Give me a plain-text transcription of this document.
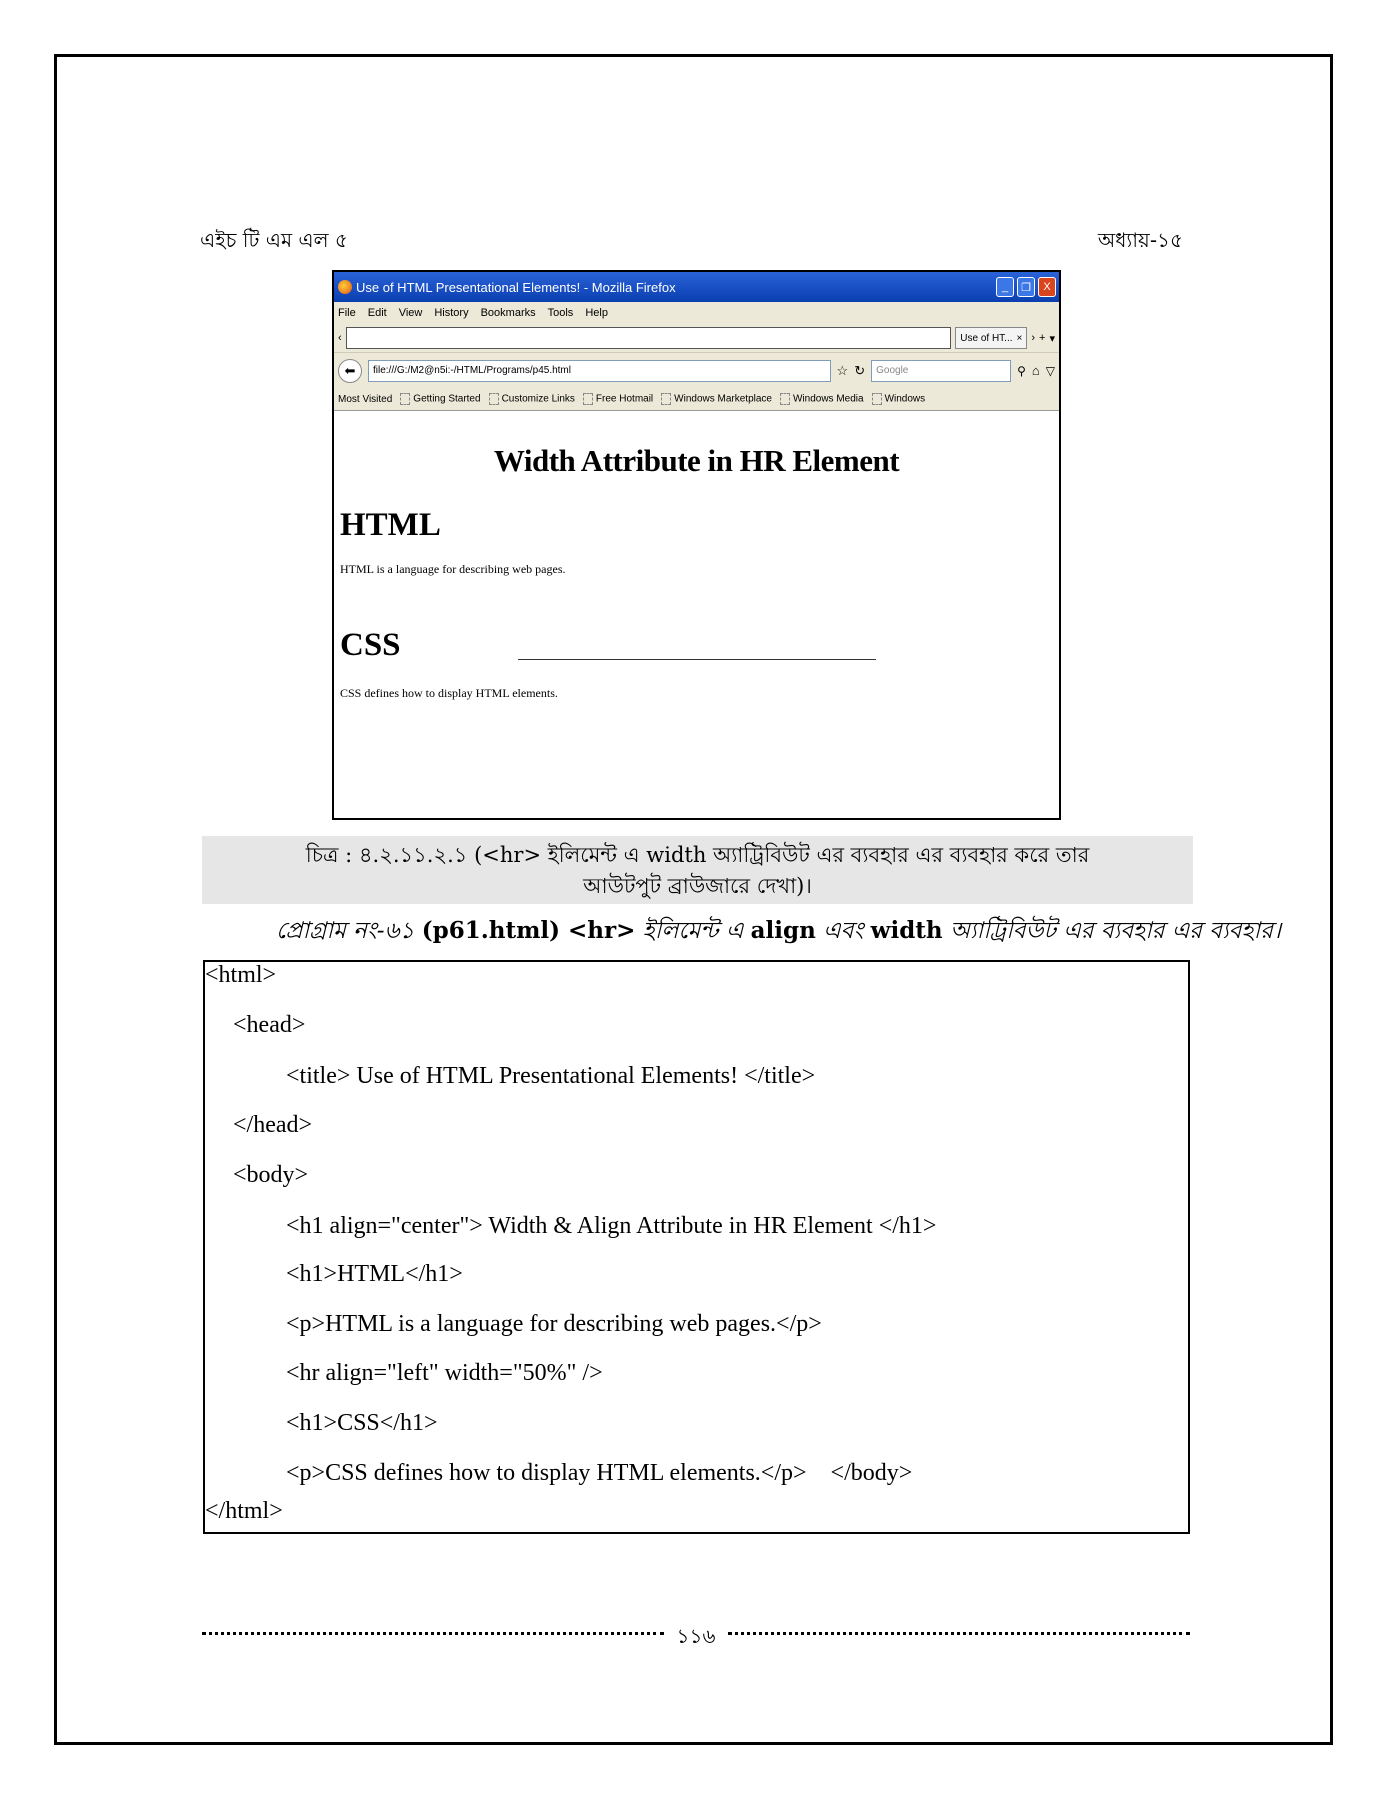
এইচ টি এম এল ৫	অধ্যায়-১৫
Use of HTML Presentational Elements! - Mozilla Firefox	_	❐	X
File Edit View History Bookmarks Tools Help
‹	Use of HT... × › + ▾
⬅	file:///G:/M2@n5i:-/HTML/Programs/p45.html	☆ ↻ Google	⚲ ⌂ ▽
Most Visited	Getting Started	Customize Links	Free Hotmail	Windows Marketplace	Windows Media	Windows
Width Attribute in HR Element
HTML

HTML is a language for describing web pages.

CSS

CSS defines how to display HTML elements.

চিত্র : ৪.২.১১.২.১ (<hr> ইলিমেন্ট এ width অ্যাট্রিবিউট এর ব্যবহার এর ব্যবহার করে তার
আউটপুট ব্রাউজারে দেখা)।
প্রোগ্রাম নং-৬১ (p61.html) <hr> ইলিমেন্ট এ align এবং width অ্যাট্রিবিউট এর ব্যবহার এর ব্যবহার।
<html>
<head>
<title> Use of HTML Presentational Elements! </title>
</head>
<body>
<h1 align="center"> Width & Align Attribute in HR Element </h1>
<h1>HTML</h1>
<p>HTML is a language for describing web pages.</p>
<hr align="left" width="50%" />
<h1>CSS</h1>
<p>CSS defines how to display HTML elements.</p>    </body>
</html>
১১৬
